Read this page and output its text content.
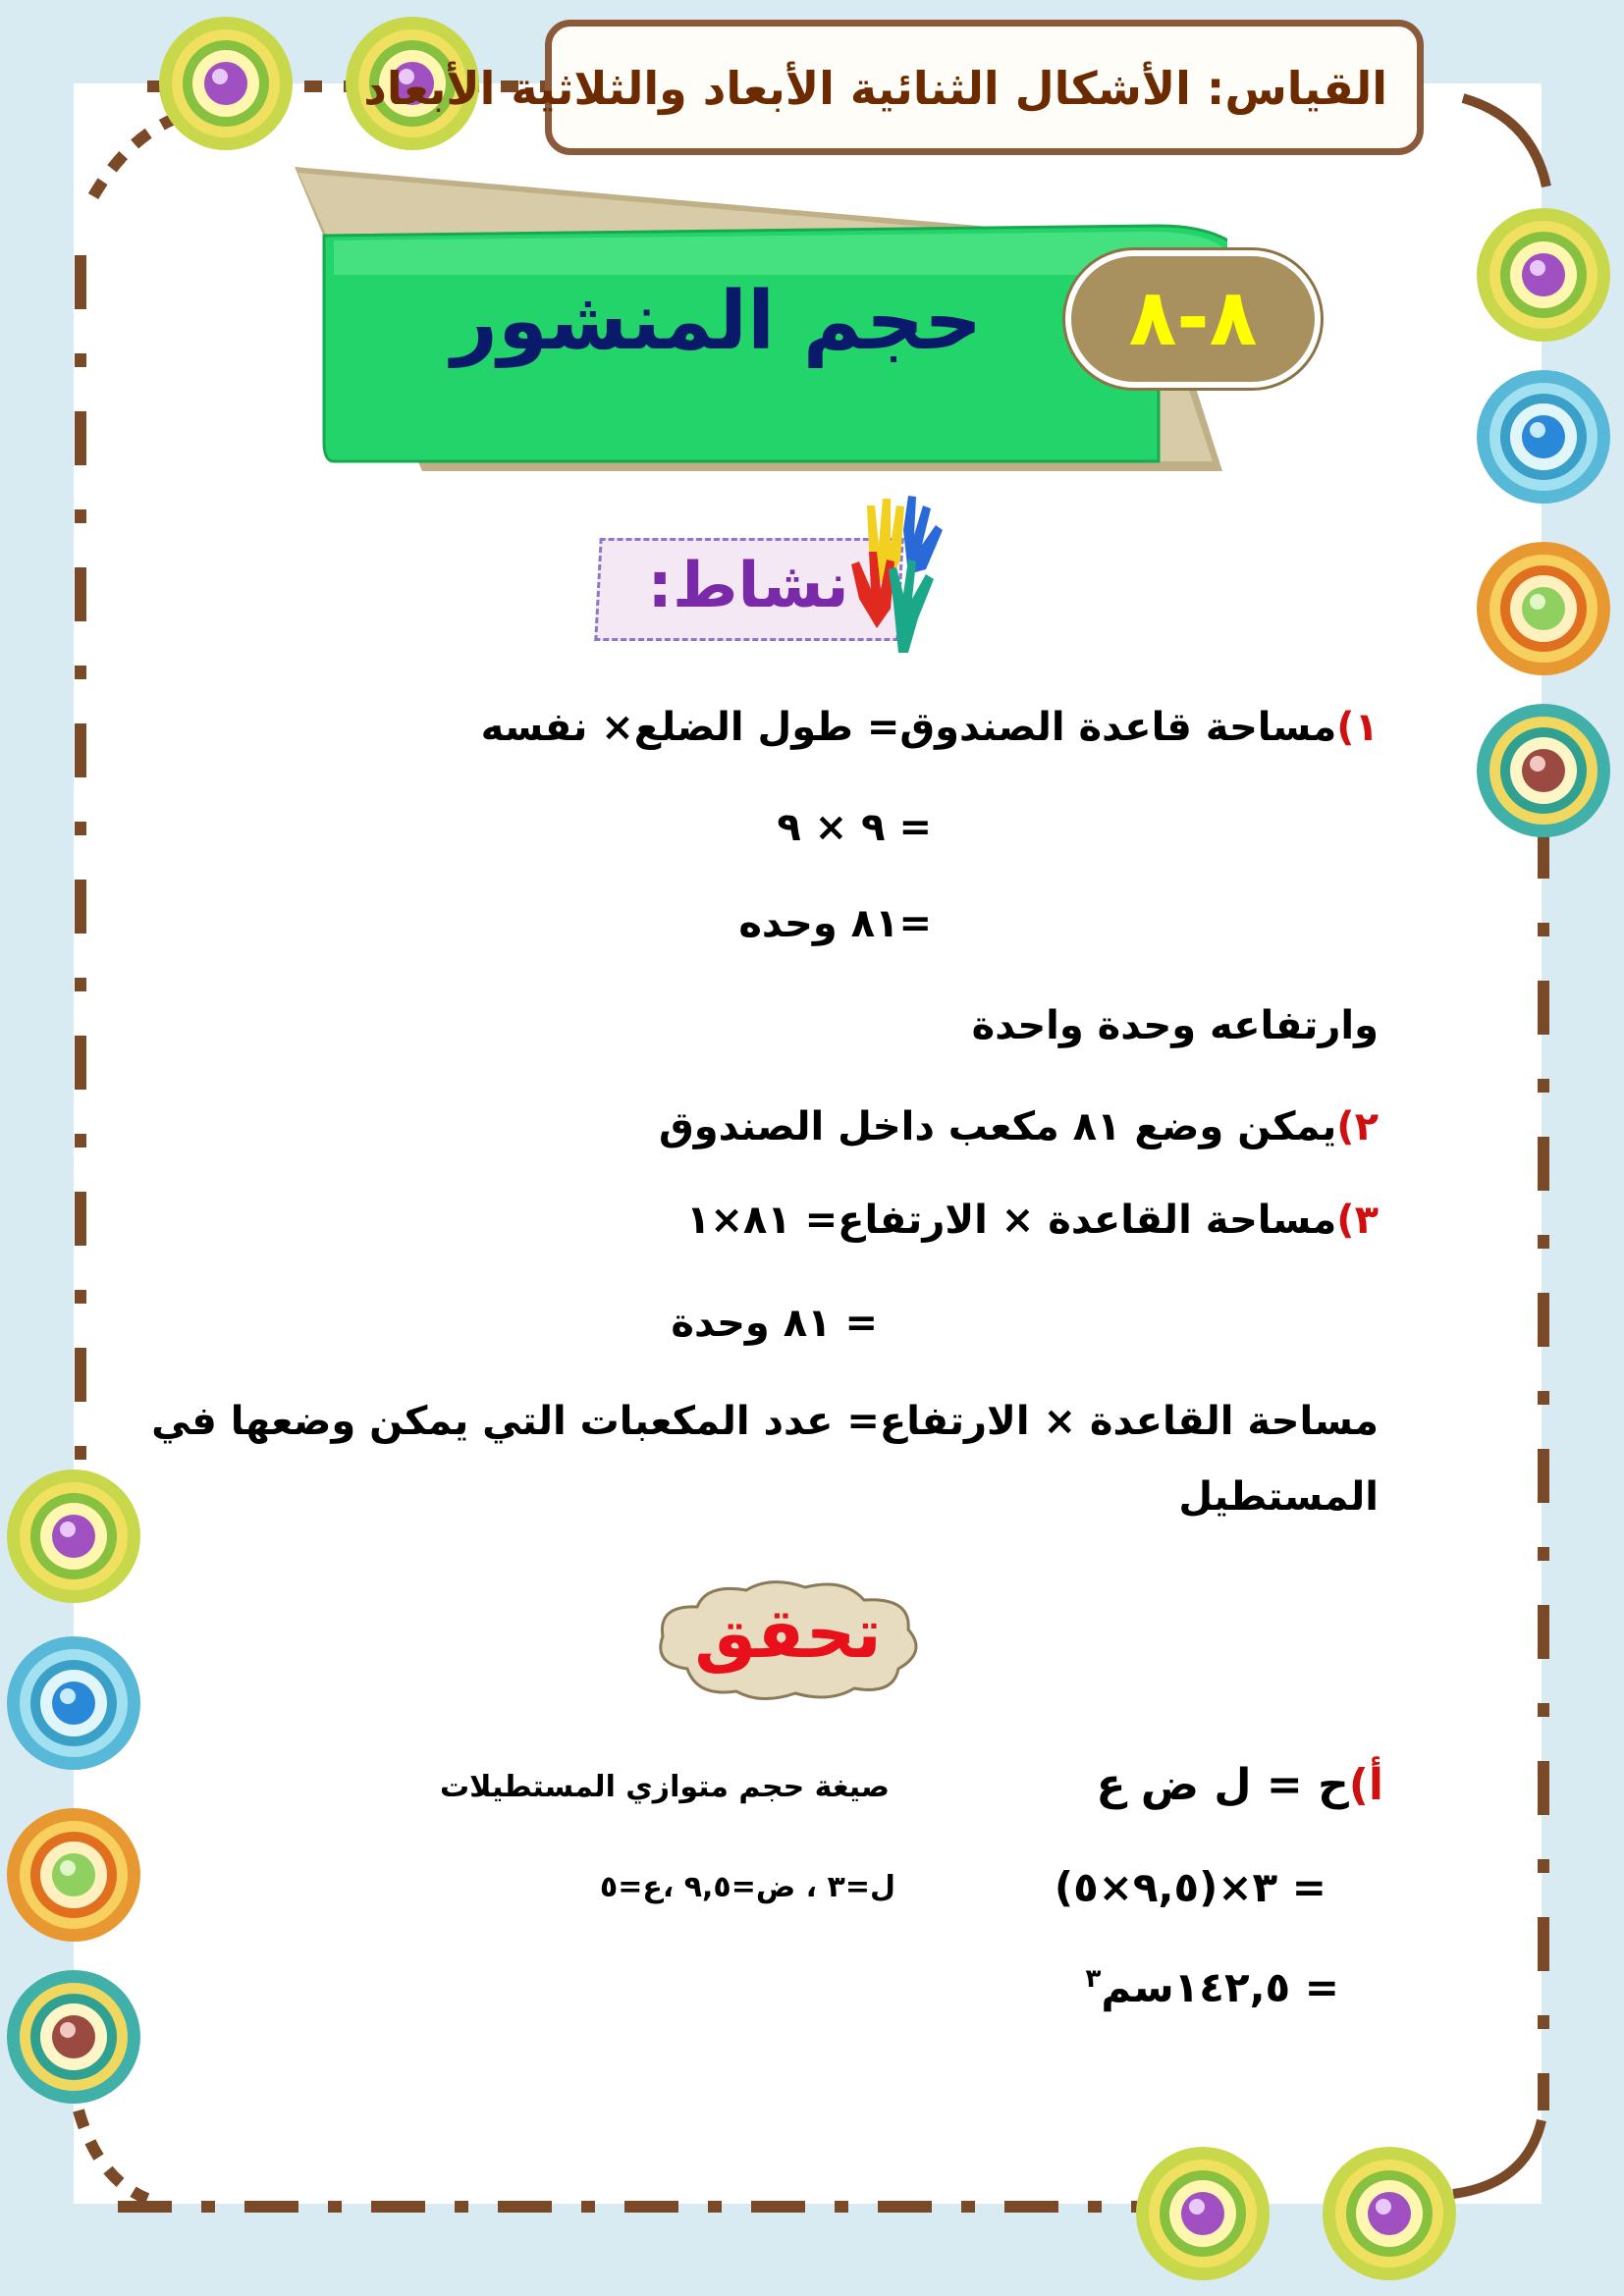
القياس: الأشكال الثنائية الأبعاد والثلاثية الأبعاد
حجم المنشور	٨-٨
نشاط:
١)مساحة قاعدة الصندوق= طول الضلع× نفسه
= ٩ × ٩
=٨١ وحده
وارتفاعه وحدة واحدة
٢)يمكن وضع ٨١ مكعب داخل الصندوق
٣)مساحة القاعدة × الارتفاع= ٨١×١
= ٨١ وحدة
مساحة القاعدة × الارتفاع= عدد المكعبات التي يمكن وضعها في
المستطيل
تحقق
أ)ح = ل ض ع
صيغة حجم متوازي المستطيلات
= ٣×(٩,٥×٥)
ل=٣ ، ض=٩,٥ ،ع=٥
= ١٤٢,٥سم$^٣$
